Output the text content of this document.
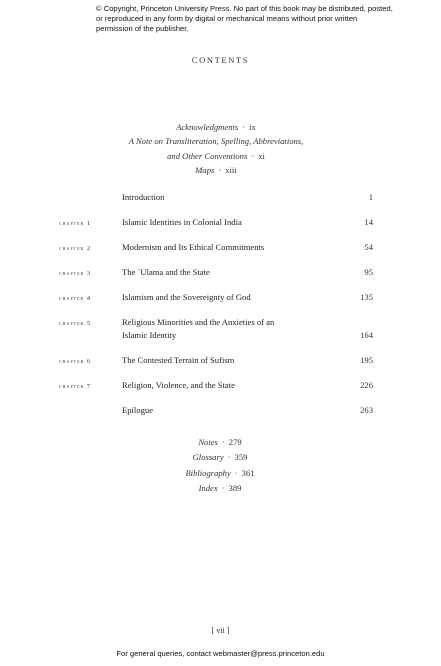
© Copyright, Princeton University Press. No part of this book may be distributed, posted, or reproduced in any form by digital or mechanical means without prior written permission of the publisher.
CONTENTS
Acknowledgments · ix
A Note on Transliteration, Spelling, Abbreviations,
and Other Conventions · xi
Maps · xiii
Introduction	1
chapter 1	Islamic Identities in Colonial India	14
chapter 2	Modernism and Its Ethical Commitments	54
chapter 3	The `Ulama and the State	95
chapter 4	Islamism and the Sovereignty of God	135
chapter 5	Religious Minorities and the Anxieties of an
Islamic Identity	164
chapter 6	The Contested Terrain of Sufism	195
chapter 7	Religion, Violence, and the State	226
Epilogue	263
Notes · 279
Glossary · 359
Bibliography · 361
Index · 389
[ vii ]
For general queries, contact webmaster@press.princeton.edu
